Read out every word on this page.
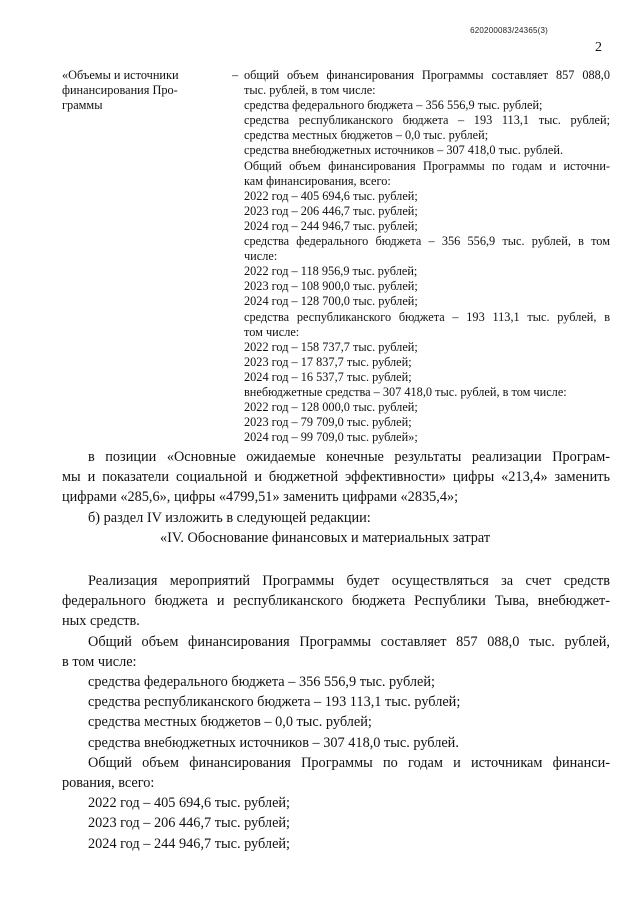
620200083/24365(3)
2
«Объемы и источники
финансирования Про-
граммы
– общий объем финансирования Программы составляет 857 088,0
тыс. рублей, в том числе:
средства федерального бюджета – 356 556,9 тыс. рублей;
средства республиканского бюджета – 193 113,1 тыс. рублей;
средства местных бюджетов – 0,0 тыс. рублей;
средства внебюджетных источников – 307 418,0 тыс. рублей.
Общий объем финансирования Программы по годам и источни-
кам финансирования, всего:
2022 год – 405 694,6 тыс. рублей;
2023 год – 206 446,7 тыс. рублей;
2024 год – 244 946,7 тыс. рублей;
средства федерального бюджета – 356 556,9 тыс. рублей, в том
числе:
2022 год – 118 956,9 тыс. рублей;
2023 год – 108 900,0 тыс. рублей;
2024 год – 128 700,0 тыс. рублей;
средства республиканского бюджета – 193 113,1 тыс. рублей, в
том числе:
2022 год – 158 737,7 тыс. рублей;
2023 год – 17 837,7 тыс. рублей;
2024 год – 16 537,7 тыс. рублей;
внебюджетные средства – 307 418,0 тыс. рублей, в том числе:
2022 год – 128 000,0 тыс. рублей;
2023 год – 79 709,0 тыс. рублей;
2024 год – 99 709,0 тыс. рублей»;
в позиции «Основные ожидаемые конечные результаты реализации Програм-
мы и показатели социальной и бюджетной эффективности» цифры «213,4» заменить
цифрами «285,6», цифры «4799,51» заменить цифрами «2835,4»;
б) раздел IV изложить в следующей редакции:
«IV. Обоснование финансовых и материальных затрат
Реализация мероприятий Программы будет осуществляться за счет средств
федерального бюджета и республиканского бюджета Республики Тыва, внебюджет-
ных средств.
Общий объем финансирования Программы составляет 857 088,0 тыс. рублей,
в том числе:
средства федерального бюджета – 356 556,9 тыс. рублей;
средства республиканского бюджета – 193 113,1 тыс. рублей;
средства местных бюджетов – 0,0 тыс. рублей;
средства внебюджетных источников – 307 418,0 тыс. рублей.
Общий объем финансирования Программы по годам и источникам финанси-
рования, всего:
2022 год – 405 694,6 тыс. рублей;
2023 год – 206 446,7 тыс. рублей;
2024 год – 244 946,7 тыс. рублей;
